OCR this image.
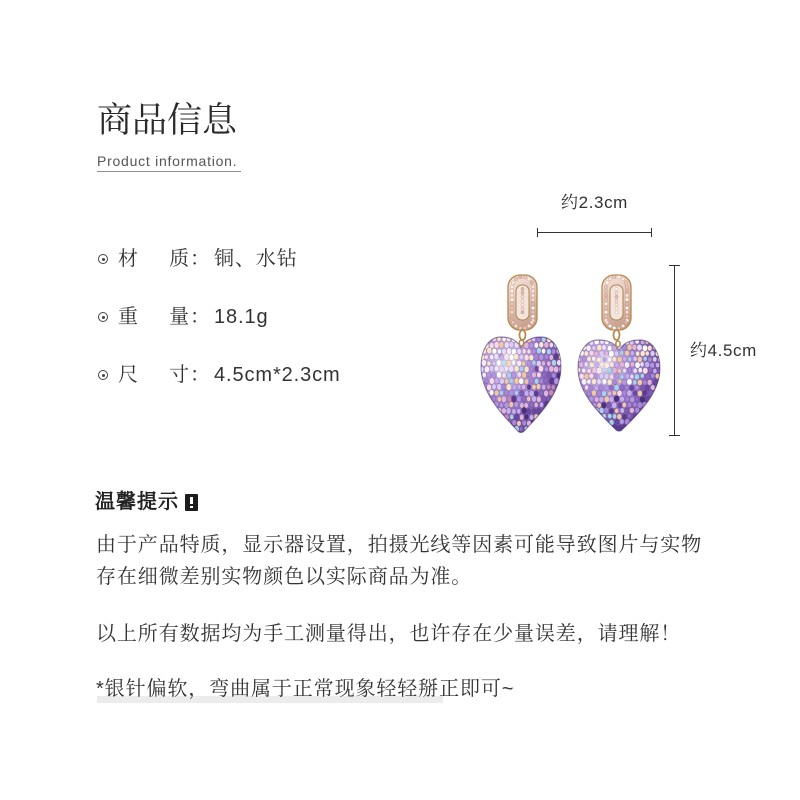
商品信息
Product information.
材 质 ： 铜、水钻
重 量 ： 18.1g
尺 寸 ： 4.5cm*2.3cm
约2.3cm
约4.5cm
温馨提示
由于产品特质，显示器设置，拍摄光线等因素可能导致图片与实物
存在细微差别实物颜色以实际商品为准。
以上所有数据均为手工测量得出，也许存在少量误差，请理解！
*银针偏软，弯曲属于正常现象轻轻掰正即可~
